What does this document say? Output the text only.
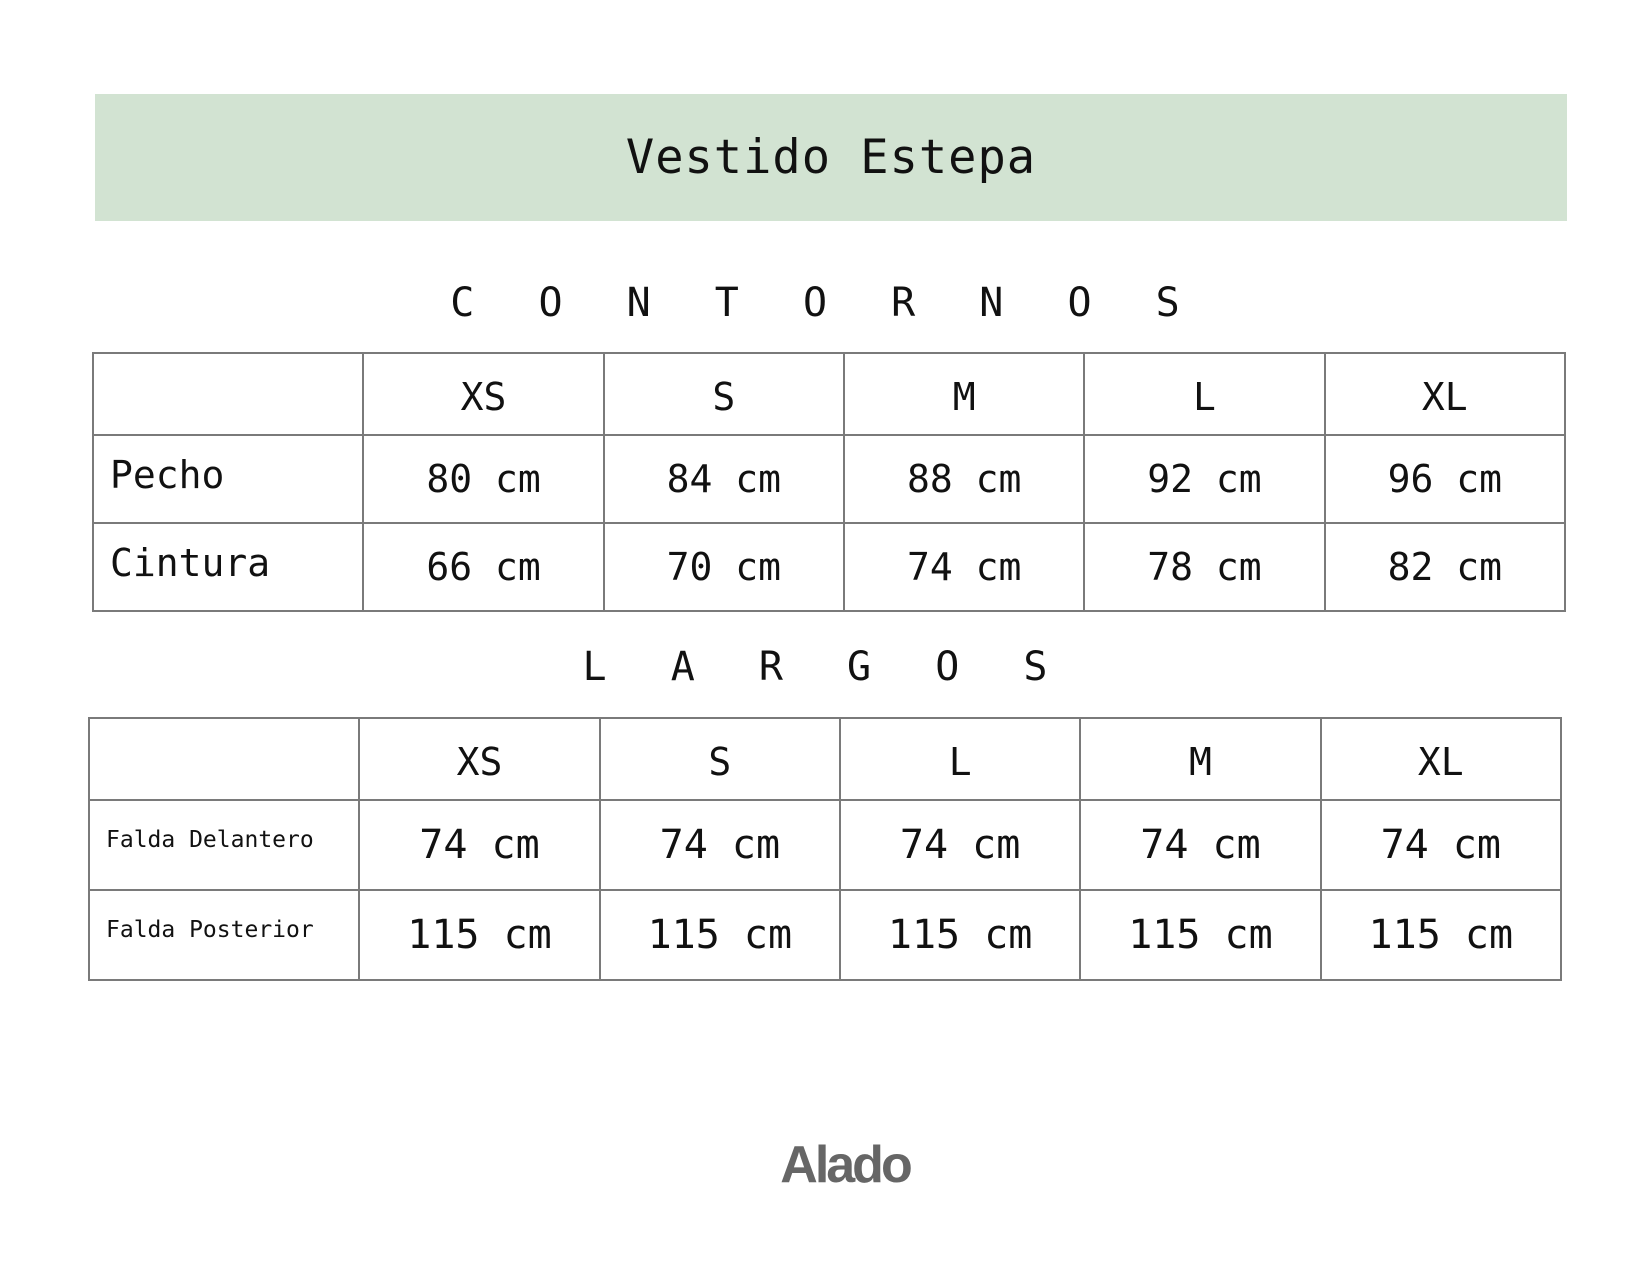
Vestido Estepa
C O N T O R N O S
	XS	S	M	L	XL
Pecho	80 cm	84 cm	88 cm	92 cm	96 cm
Cintura	66 cm	70 cm	74 cm	78 cm	82 cm
L A R G O S
	XS	S	L	M	XL
Falda Delantero	74 cm	74 cm	74 cm	74 cm	74 cm
Falda Posterior	115 cm	115 cm	115 cm	115 cm	115 cm
Alado
